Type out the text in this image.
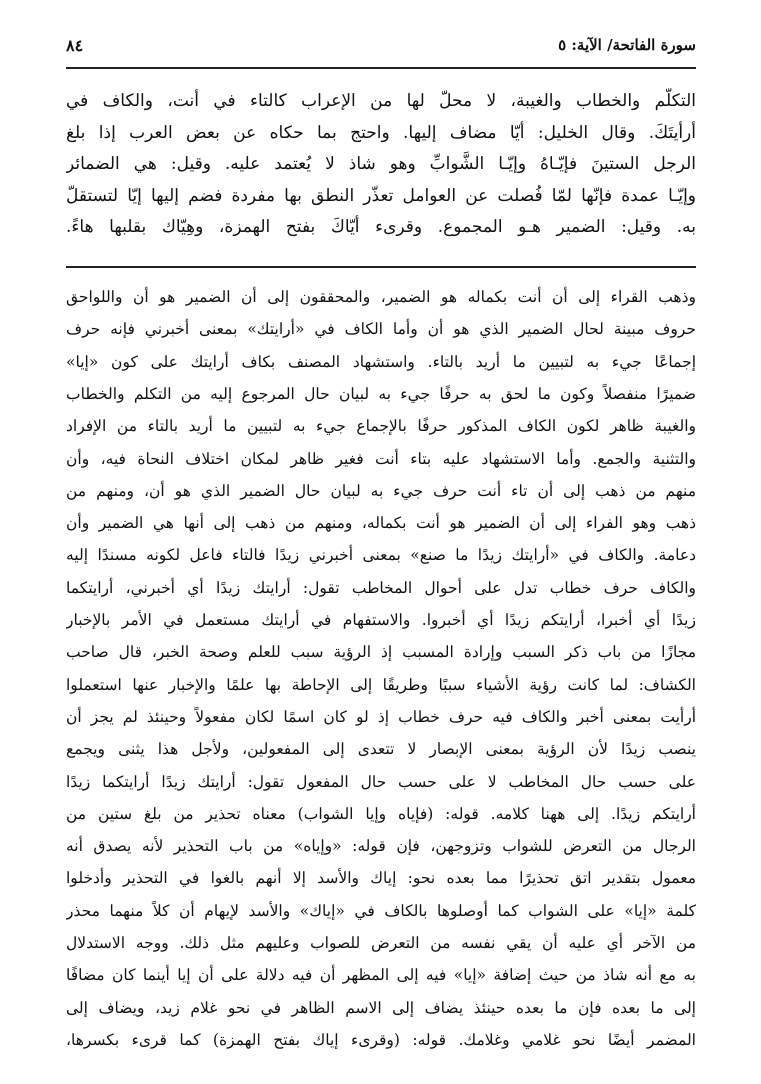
سورة الفاتحة/ الآية: ٥
٨٤
التكلّم والخطاب والغيبة، لا محلّ لها من الإعراب كالتاء في أنت، والكاف في
أرأيتَكَ. وقال الخليل: أيّا مضاف إليها. واحتج بما حكاه عن بعض العرب إذا بلغ
الرجل الستينَ فإيّـاهُ وإيّـا الشَّوابِّ وهو شاذ لا يُعتمد عليه. وقيل: هي الضمائر
وإيّـا عمدة فإنّها لمّا فُصلت عن العوامل تعذّر النطق بها مفردة فضم إليها إيّا لتستقلّ
به. وقيل: الضمير هـو المجموع. وقرىء أيّاكَ بفتح الهمزة، وهِيّاك بقلبها هاءً.
وذهب القراء إلى أن أنت بكماله هو الضمير، والمحققون إلى أن الضمير هو أن واللواحق
حروف مبينة لحال الضمير الذي هو أن وأما الكاف في «أرايتك» بمعنى أخبرني فإنه حرف
إجماعًا جيء به لتبيين ما أريد بالتاء. واستشهاد المصنف بكاف أرايتك على كون «إيا»
ضميرًا منفصلاً وكون ما لحق به حرفًا جيء به لبيان حال المرجوع إليه من التكلم والخطاب
والغيبة ظاهر لكون الكاف المذكور حرفًا بالإجماع جيء به لتبيين ما أريد بالتاء من الإفراد
والتثنية والجمع. وأما الاستشهاد عليه بتاء أنت فغير ظاهر لمكان اختلاف النحاة فيه، وأن
منهم من ذهب إلى أن تاء أنت حرف جيء به لبيان حال الضمير الذي هو أن، ومنهم من
ذهب وهو الفراء إلى أن الضمير هو أنت بكماله، ومنهم من ذهب إلى أنها هي الضمير وأن
دعامة. والكاف في «أرايتك زيدًا ما صنع» بمعنى أخبرني زيدًا فالتاء فاعل لكونه مسندًا إليه
والكاف حرف خطاب تدل على أحوال المخاطب تقول: أرايتك زيدًا أي أخبرني، أرايتكما
زيدًا أي أخبرا، أرايتكم زيدًا أي أخبروا. والاستفهام في أرايتك مستعمل في الأمر بالإخبار
مجازًا من باب ذكر السبب وإرادة المسبب إذ الرؤية سبب للعلم وصحة الخبر، قال صاحب
الكشاف: لما كانت رؤية الأشياء سببًا وطريقًا إلى الإحاطة بها علمًا والإخبار عنها استعملوا
أرأيت بمعنى أخبر والكاف فيه حرف خطاب إذ لو كان اسمًا لكان مفعولاً وحينئذ لم يجز أن
ينصب زيدًا لأن الرؤية بمعنى الإبصار لا تتعدى إلى المفعولين، ولأجل هذا يثنى ويجمع
على حسب حال المخاطب لا على حسب حال المفعول تقول: أرايتك زيدًا أرايتكما زيدًا
أرايتكم زيدًا. إلى ههنا كلامه. قوله: (فإياه وإيا الشواب) معناه تحذير من بلغ ستين من
الرجال من التعرض للشواب وتزوجهن، فإن قوله: «وإياه» من باب التحذير لأنه يصدق أنه
معمول بتقدير اتق تحذيرًا مما بعده نحو: إياك والأسد إلا أنهم بالغوا في التحذير وأدخلوا
كلمة «إيا» على الشواب كما أوصلوها بالكاف في «إياك» والأسد لإيهام أن كلاً منهما محذر
من الآخر أي عليه أن يقي نفسه من التعرض للصواب وعليهم مثل ذلك. ووجه الاستدلال
به مع أنه شاذ من حيث إضافة «إيا» فيه إلى المظهر أن فيه دلالة على أن إيا أينما كان مضافًا
إلى ما بعده فإن ما بعده حينئذ يضاف إلى الاسم الظاهر في نحو غلام زيد، ويضاف إلى
المضمر أيضًا نحو غلامي وغلامك. قوله: (وقرىء إياك بفتح الهمزة) كما قرىء بكسرها،
